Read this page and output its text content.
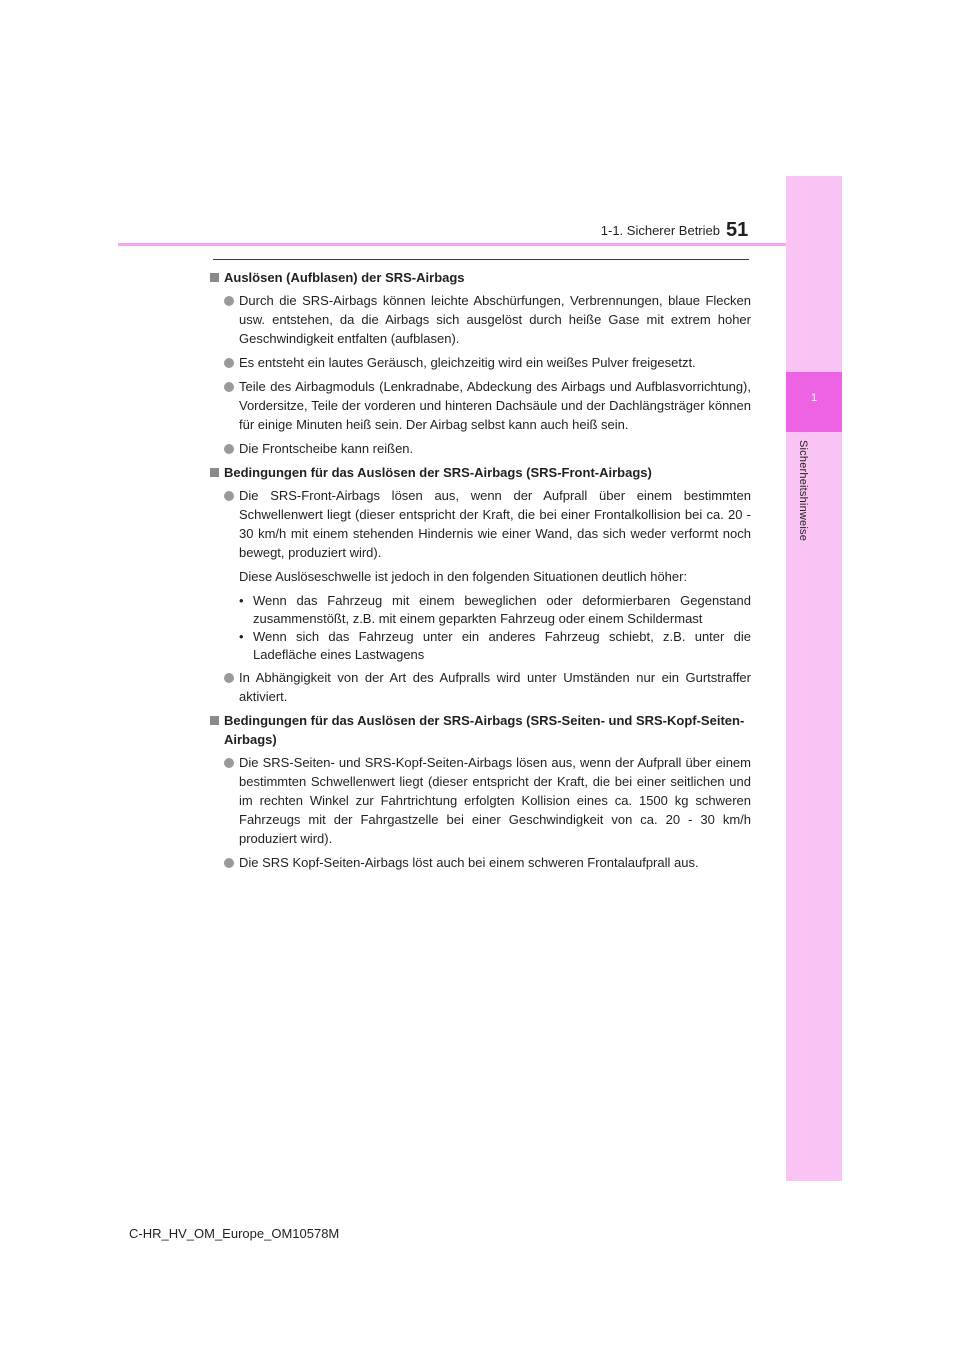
1
Sicherheitshinweise
1-1. Sicherer Betrieb 51
Auslösen (Aufblasen) der SRS-Airbags
Durch die SRS-Airbags können leichte Abschürfungen, Verbrennungen, blaue Flecken usw. entstehen, da die Airbags sich ausgelöst durch heiße Gase mit extrem hoher Geschwindigkeit entfalten (aufblasen).
Es entsteht ein lautes Geräusch, gleichzeitig wird ein weißes Pulver freigesetzt.
Teile des Airbagmoduls (Lenkradnabe, Abdeckung des Airbags und Aufblasvorrichtung), Vordersitze, Teile der vorderen und hinteren Dachsäule und der Dachlängsträger können für einige Minuten heiß sein. Der Airbag selbst kann auch heiß sein.
Die Frontscheibe kann reißen.
Bedingungen für das Auslösen der SRS-Airbags (SRS-Front-Airbags)
Die SRS-Front-Airbags lösen aus, wenn der Aufprall über einem bestimmten Schwellenwert liegt (dieser entspricht der Kraft, die bei einer Frontalkollision bei ca. 20 - 30 km/h mit einem stehenden Hindernis wie einer Wand, das sich weder verformt noch bewegt, produziert wird).
Diese Auslöseschwelle ist jedoch in den folgenden Situationen deutlich höher:
• Wenn das Fahrzeug mit einem beweglichen oder deformierbaren Gegenstand zusammenstößt, z.B. mit einem geparkten Fahrzeug oder einem Schildermast
• Wenn sich das Fahrzeug unter ein anderes Fahrzeug schiebt, z.B. unter die Ladefläche eines Lastwagens
In Abhängigkeit von der Art des Aufpralls wird unter Umständen nur ein Gurtstraffer aktiviert.
Bedingungen für das Auslösen der SRS-Airbags (SRS-Seiten- und SRS-Kopf-Seiten-Airbags)
Die SRS-Seiten- und SRS-Kopf-Seiten-Airbags lösen aus, wenn der Aufprall über einem bestimmten Schwellenwert liegt (dieser entspricht der Kraft, die bei einer seitlichen und im rechten Winkel zur Fahrtrichtung erfolgten Kollision eines ca. 1500 kg schweren Fahrzeugs mit der Fahrgastzelle bei einer Geschwindigkeit von ca. 20 - 30 km/h produziert wird).
Die SRS Kopf-Seiten-Airbags löst auch bei einem schweren Frontalaufprall aus.
C-HR_HV_OM_Europe_OM10578M
